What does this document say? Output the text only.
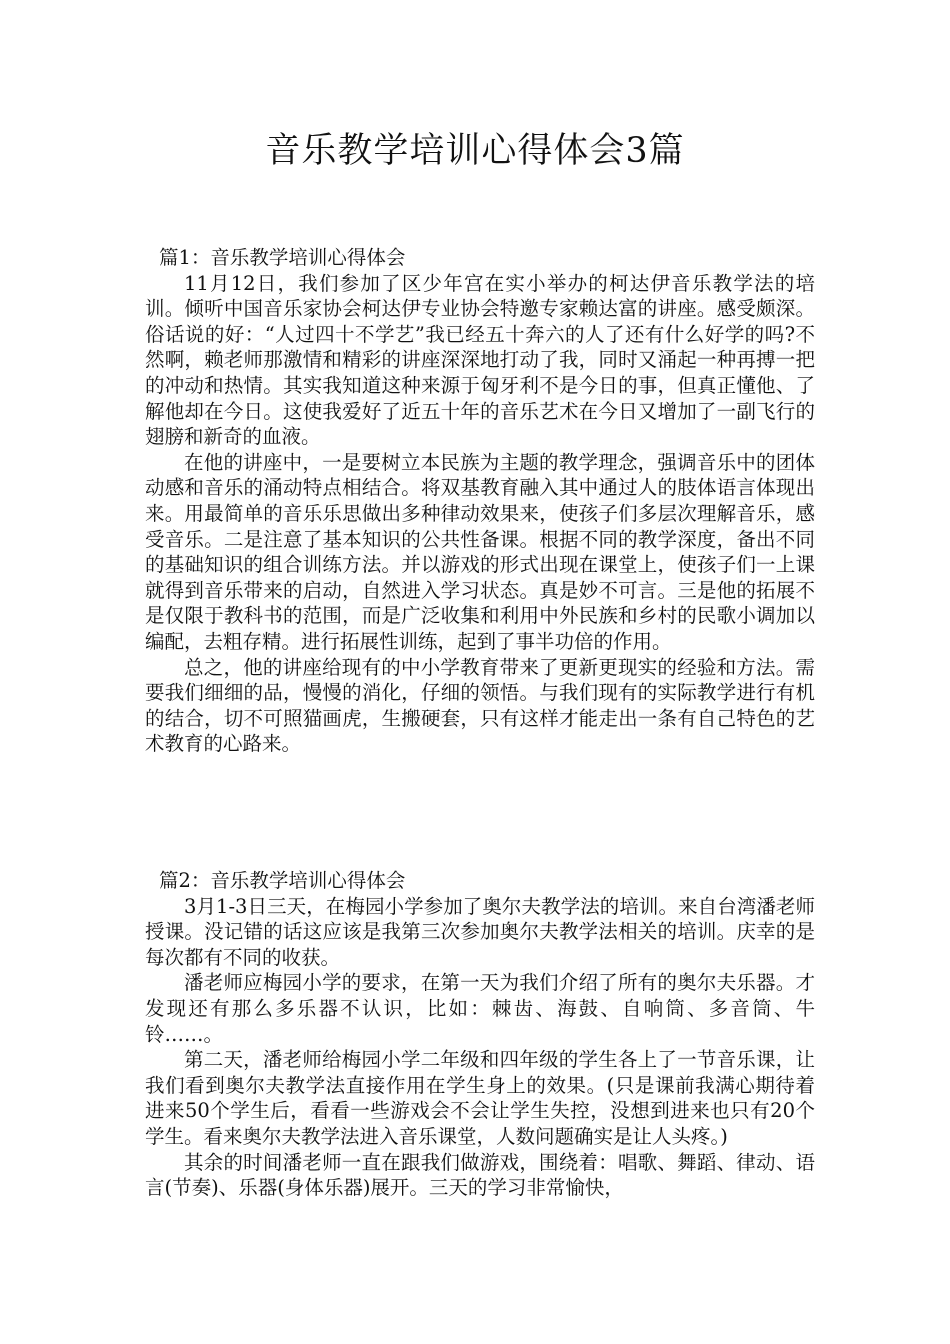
音乐教学培训心得体会3篇
篇1：音乐教学培训心得体会

11月12日，我们参加了区少年宫在实小举办的柯达伊音乐教学法的培训。倾听中国音乐家协会柯达伊专业协会特邀专家赖达富的讲座。感受颇深。俗话说的好：“人过四十不学艺”我已经五十奔六的人了还有什么好学的吗?不然啊，赖老师那激情和精彩的讲座深深地打动了我，同时又涌起一种再搏一把的冲动和热情。其实我知道这种来源于匈牙利不是今日的事，但真正懂他、了解他却在今日。这使我爱好了近五十年的音乐艺术在今日又增加了一副飞行的翅膀和新奇的血液。

在他的讲座中，一是要树立本民族为主题的教学理念，强调音乐中的团体动感和音乐的涌动特点相结合。将双基教育融入其中通过人的肢体语言体现出来。用最简单的音乐乐思做出多种律动效果来，使孩子们多层次理解音乐，感受音乐。二是注意了基本知识的公共性备课。根据不同的教学深度，备出不同的基础知识的组合训练方法。并以游戏的形式出现在课堂上，使孩子们一上课就得到音乐带来的启动，自然进入学习状态。真是妙不可言。三是他的拓展不是仅限于教科书的范围，而是广泛收集和利用中外民族和乡村的民歌小调加以编配，去粗存精。进行拓展性训练，起到了事半功倍的作用。

总之，他的讲座给现有的中小学教育带来了更新更现实的经验和方法。需要我们细细的品，慢慢的消化，仔细的领悟。与我们现有的实际教学进行有机的结合，切不可照猫画虎，生搬硬套，只有这样才能走出一条有自己特色的艺术教育的心路来。

篇2：音乐教学培训心得体会

3月1-3日三天，在梅园小学参加了奥尔夫教学法的培训。来自台湾潘老师授课。没记错的话这应该是我第三次参加奥尔夫教学法相关的培训。庆幸的是每次都有不同的收获。

潘老师应梅园小学的要求，在第一天为我们介绍了所有的奥尔夫乐器。才发现还有那么多乐器不认识，比如：棘齿、海鼓、自响筒、多音筒、牛铃……。

第二天，潘老师给梅园小学二年级和四年级的学生各上了一节音乐课，让我们看到奥尔夫教学法直接作用在学生身上的效果。(只是课前我满心期待着进来50个学生后，看看一些游戏会不会让学生失控，没想到进来也只有20个学生。看来奥尔夫教学法进入音乐课堂，人数问题确实是让人头疼。)

其余的时间潘老师一直在跟我们做游戏，围绕着：唱歌、舞蹈、律动、语言(节奏)、乐器(身体乐器)展开。三天的学习非常愉快，
